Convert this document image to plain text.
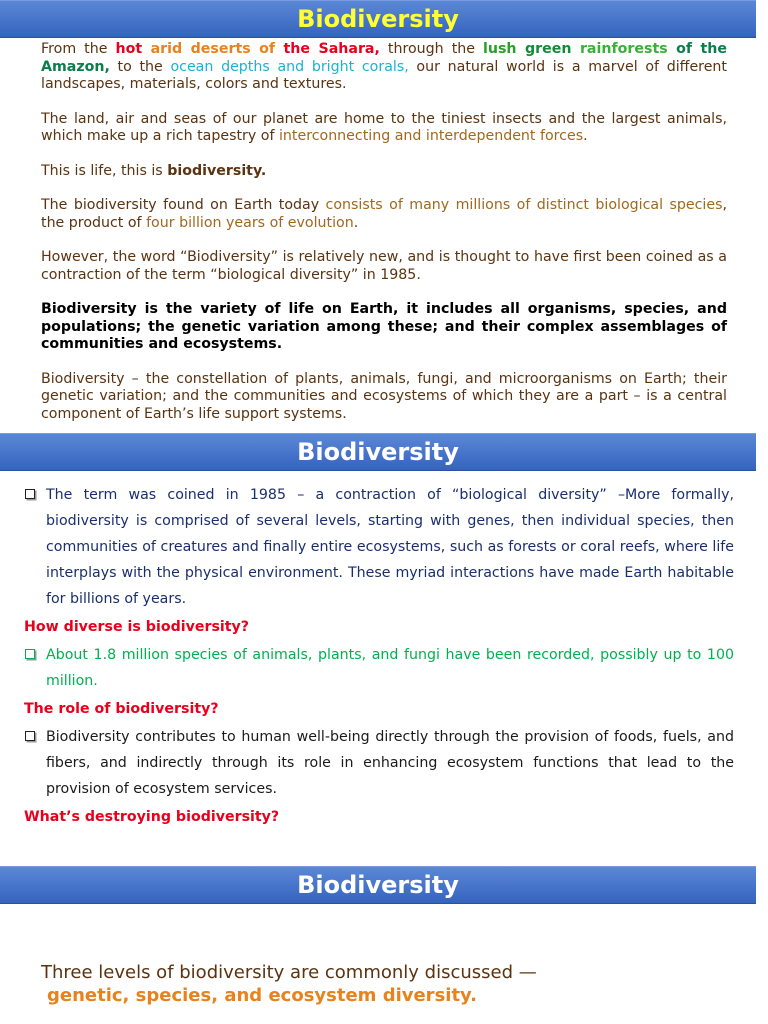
Biodiversity

From the hot arid deserts of the Sahara, through the lush green rainforests of the Amazon, to the ocean depths and bright corals, our natural world is a marvel of different landscapes, materials, colors and textures.

The land, air and seas of our planet are home to the tiniest insects and the largest animals, which make up a rich tapestry of interconnecting and interdependent forces.

This is life, this is biodiversity.

The biodiversity found on Earth today consists of many millions of distinct biological species, the product of four billion years of evolution.

However, the word “Biodiversity” is relatively new, and is thought to have first been coined as a contraction of the term “biological diversity” in 1985.

Biodiversity is the variety of life on Earth, it includes all organisms, species, and populations; the genetic variation among these; and their complex assemblages of communities and ecosystems.

Biodiversity – the constellation of plants, animals, fungi, and microorganisms on Earth; their genetic variation; and the communities and ecosystems of which they are a part – is a central component of Earth’s life support systems.

Biodiversity
The term was coined in 1985 – a contraction of “biological diversity” –More formally, biodiversity is comprised of several levels, starting with genes, then individual species, then communities of creatures and finally entire ecosystems, such as forests or coral reefs, where life interplays with the physical environment. These myriad interactions have made Earth habitable for billions of years.
How diverse is biodiversity?
About 1.8 million species of animals, plants, and fungi have been recorded, possibly up to 100 million.
The role of biodiversity?
Biodiversity contributes to human well-being directly through the provision of foods, fuels, and fibers, and indirectly through its role in enhancing ecosystem functions that lead to the provision of ecosystem services.
What’s destroying biodiversity?
Biodiversity
Three levels of biodiversity are commonly discussed —
genetic, species, and ecosystem diversity.
